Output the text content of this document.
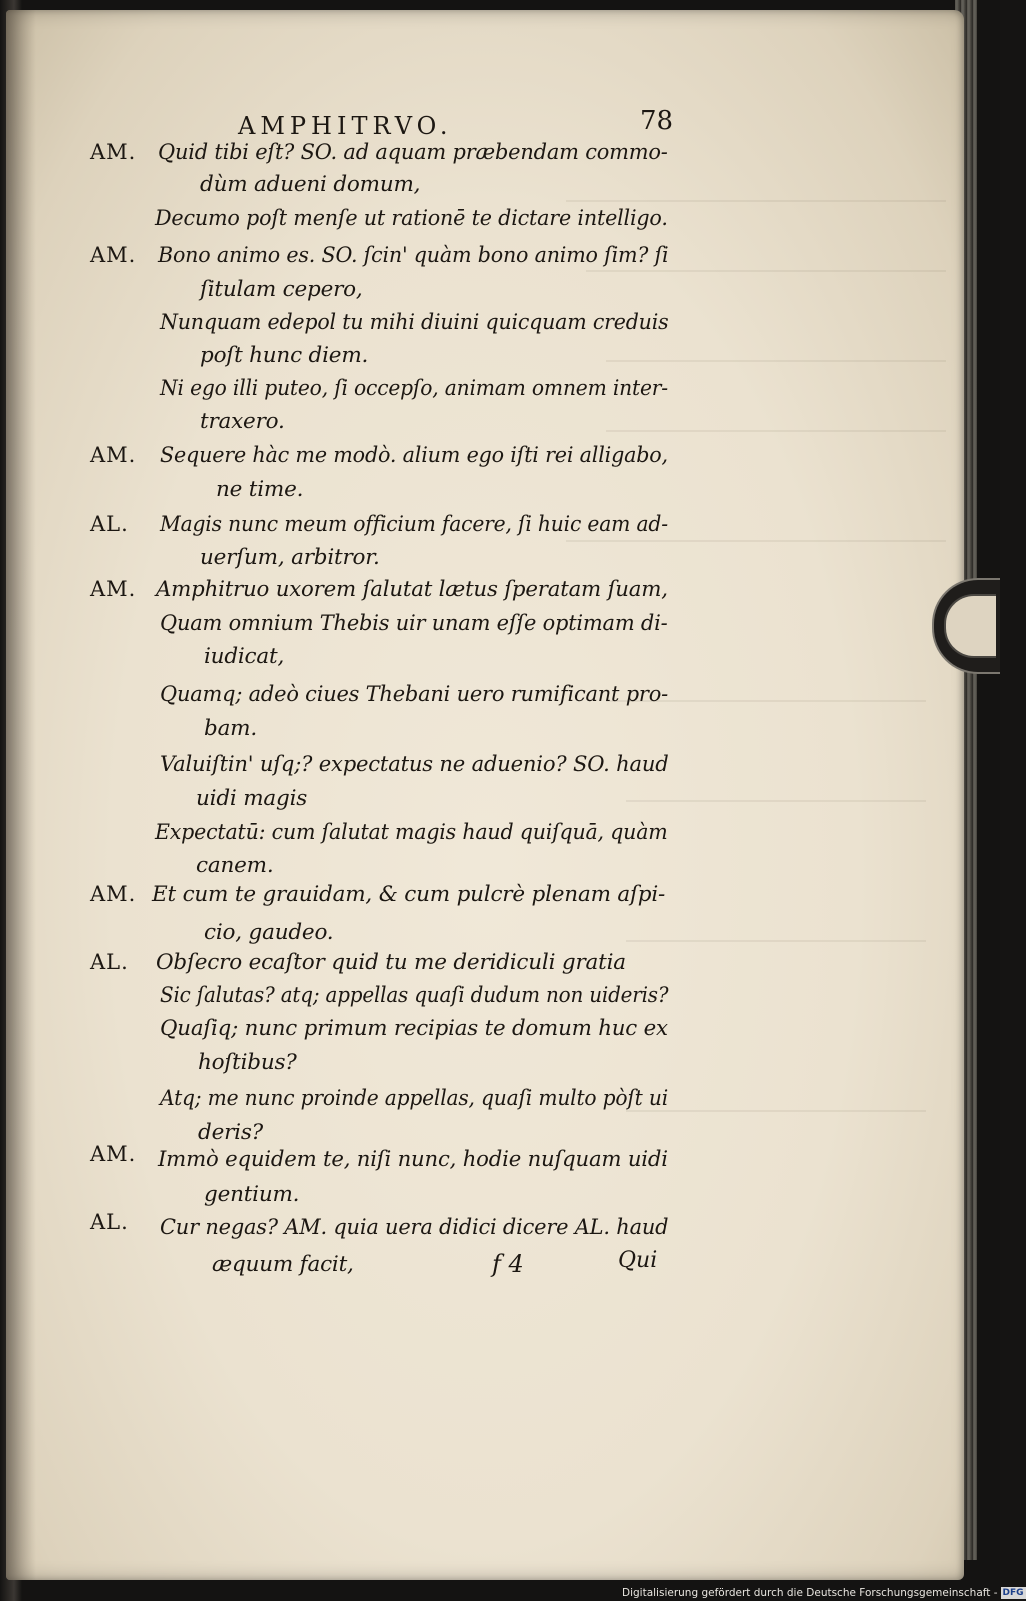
AMPHITRVO.	78
AM. Quid tibi eſt? SO. ad aquam præbendam commo-
dùm adueni domum,
Decumo poſt menſe ut rationē te dictare intelligo.
AM. Bono animo es. SO. ſcin' quàm bono animo ſim? ſi
ſitulam cepero,
Nunquam edepol tu mihi diuini quicquam creduis
poſt hunc diem.
Ni ego illi puteo, ſi occepſo, animam omnem inter-
traxero.
AM. Sequere hàc me modò. alium ego iſti rei alligabo,
ne time.
AL. Magis nunc meum officium facere, ſi huic eam ad-
uerſum, arbitror.
AM. Amphitruo uxorem ſalutat lætus ſperatam ſuam,
Quam omnium Thebis uir unam eſſe optimam di-
iudicat,
Quamq; adeò ciues Thebani uero rumificant pro-
bam.
Valuiſtin' uſq;? expectatus ne aduenio? SO. haud
uidi magis
Expectatū: cum ſalutat magis haud quiſquā, quàm
canem.
AM. Et cum te grauidam, & cum pulcrè plenam aſpi-
cio, gaudeo.
AL. Obſecro ecaſtor quid tu me deridiculi gratia
Sic ſalutas? atq; appellas quaſi dudum non uideris?
Quaſiq; nunc primum recipias te domum huc ex
hoſtibus?
Atq; me nunc proinde appellas, quaſi multo pòſt ui
deris?
AM. Immò equidem te, niſi nunc, hodie nuſquam uidi
gentium.
AL. Cur negas? AM. quia uera didici dicere AL. haud
æquum facit,	f 4	Qui
Digitalisierung gefördert durch die Deutsche Forschungsgemeinschaft - DFG
